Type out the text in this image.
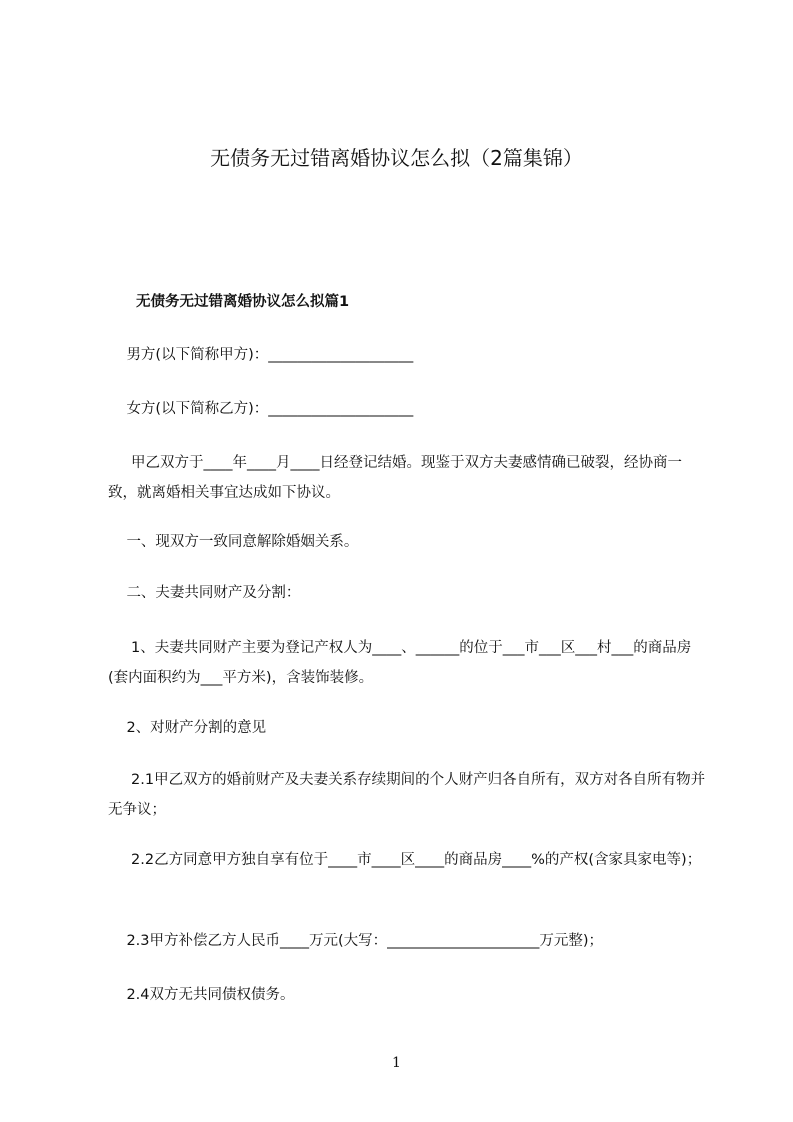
无债务无过错离婚协议怎么拟（2篇集锦）
无债务无过错离婚协议怎么拟篇1
男方(以下简称甲方)：____________________
女方(以下简称乙方)：____________________
甲乙双方于____年____月____日经登记结婚。现鉴于双方夫妻感情确已破裂，经协商一致，就离婚相关事宜达成如下协议。
一、现双方一致同意解除婚姻关系。
二、夫妻共同财产及分割：
1、夫妻共同财产主要为登记产权人为____、______的位于___市___区___村___的商品房(套内面积约为___平方米)，含装饰装修。
2、对财产分割的意见
2.1甲乙双方的婚前财产及夫妻关系存续期间的个人财产归各自所有，双方对各自所有物并无争议；
2.2乙方同意甲方独自享有位于____市____区____的商品房____%的产权(含家具家电等)；
2.3甲方补偿乙方人民币____万元(大写：_____________________万元整)；
2.4双方无共同债权债务。
1
